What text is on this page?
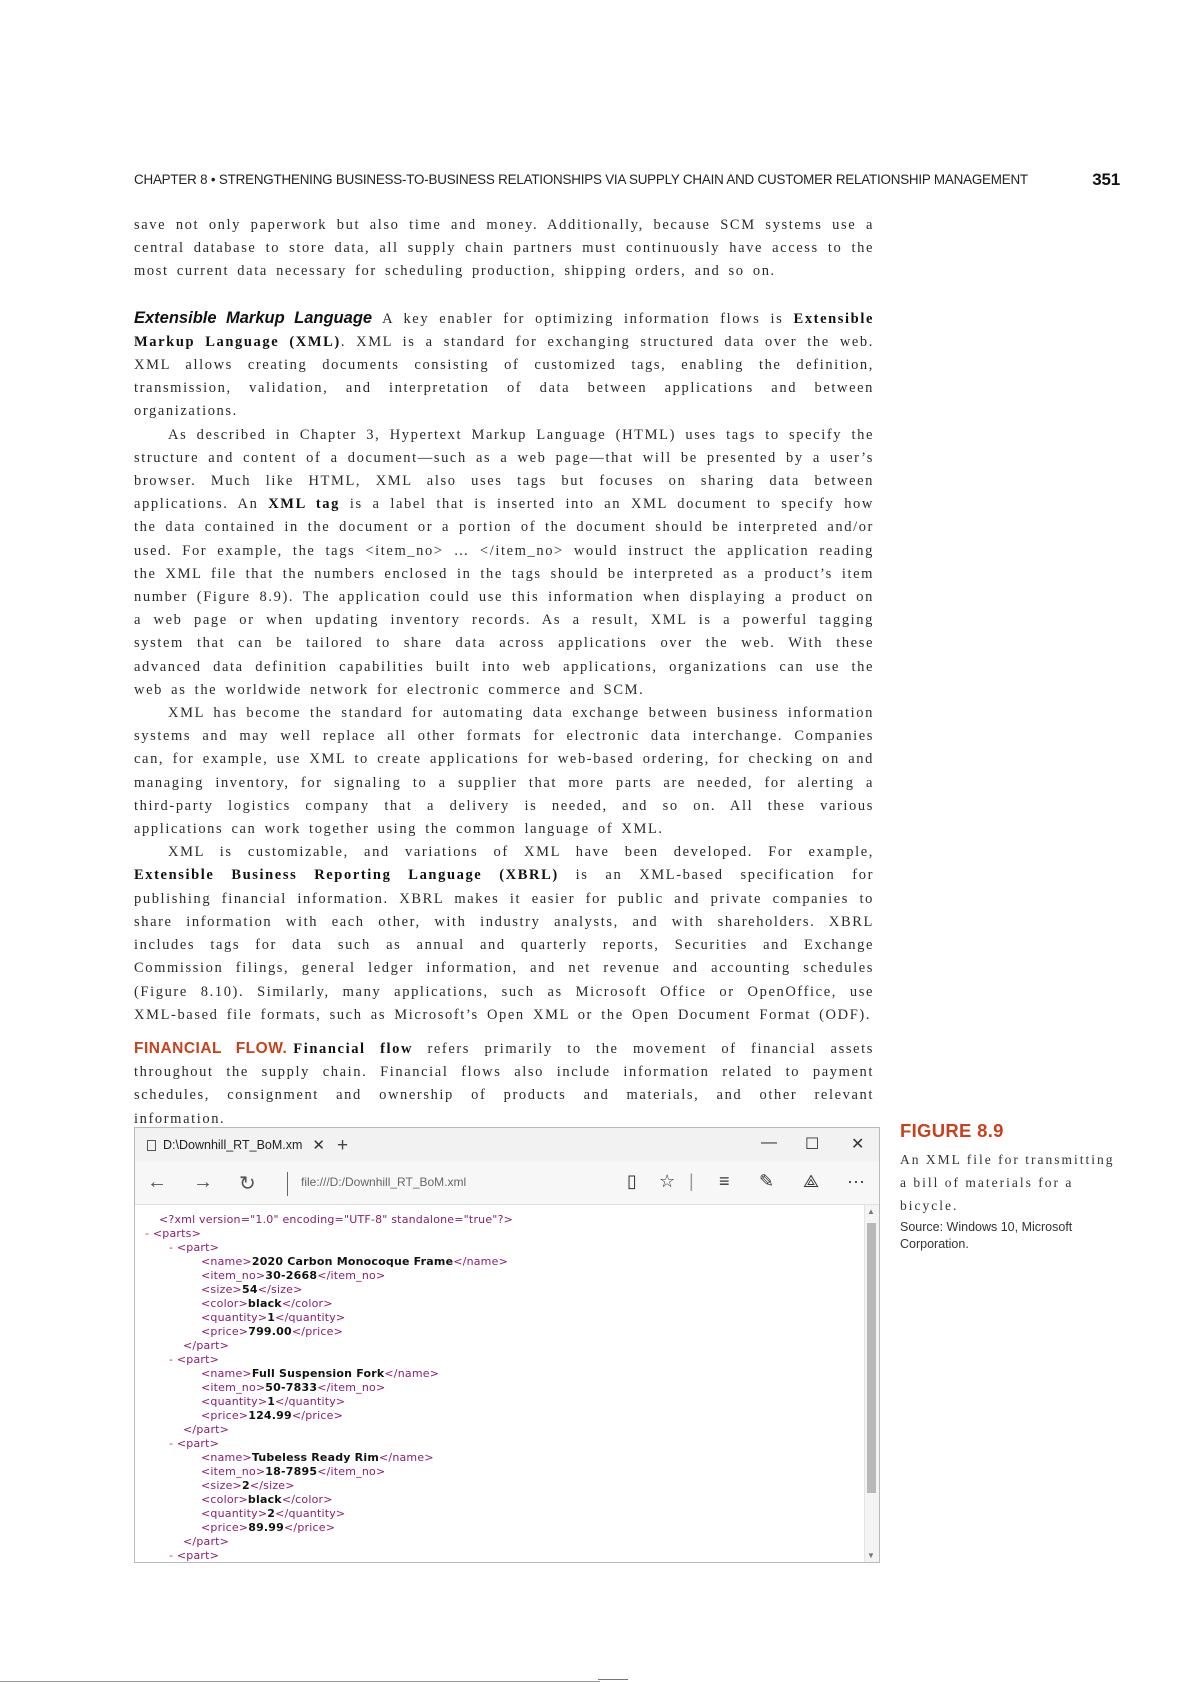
CHAPTER 8 • STRENGTHENING BUSINESS-TO-BUSINESS RELATIONSHIPS VIA SUPPLY CHAIN AND CUSTOMER RELATIONSHIP MANAGEMENT	351

save not only paperwork but also time and money. Additionally, because SCM systems use a central database to store data, all supply chain partners must continuously have access to the most current data necessary for scheduling production, shipping orders, and so on.

Extensible Markup Language A key enabler for optimizing information flows is Extensible Markup Language (XML). XML is a standard for exchanging structured data over the web. XML allows creating documents consisting of customized tags, enabling the definition, transmission, validation, and interpretation of data between applications and between organizations.

As described in Chapter 3, Hypertext Markup Language (HTML) uses tags to specify the structure and content of a document—such as a web page—that will be presented by a user’s browser. Much like HTML, XML also uses tags but focuses on sharing data between applications. An XML tag is a label that is inserted into an XML document to specify how the data contained in the document or a portion of the document should be interpreted and/or used. For example, the tags <item_no> … </item_no> would instruct the application reading the XML file that the numbers enclosed in the tags should be interpreted as a product’s item number (Figure 8.9). The application could use this information when displaying a product on a web page or when updating inventory records. As a result, XML is a powerful tagging system that can be tailored to share data across applications over the web. With these advanced data definition capabilities built into web applications, organizations can use the web as the worldwide network for electronic commerce and SCM.

XML has become the standard for automating data exchange between business information systems and may well replace all other formats for electronic data interchange. Companies can, for example, use XML to create applications for web-based ordering, for checking on and managing inventory, for signaling to a supplier that more parts are needed, for alerting a third-party logistics company that a delivery is needed, and so on. All these various applications can work together using the common language of XML.

XML is customizable, and variations of XML have been developed. For example, Extensible Business Reporting Language (XBRL) is an XML-based specification for publishing financial information. XBRL makes it easier for public and private companies to share information with each other, with industry analysts, and with shareholders. XBRL includes tags for data such as annual and quarterly reports, Securities and Exchange Commission filings, general ledger information, and net revenue and accounting schedules (Figure 8.10). Similarly, many applications, such as Microsoft Office or OpenOffice, use XML-based file formats, such as Microsoft’s Open XML or the Open Document Format (ODF).

FINANCIAL FLOW. Financial flow refers primarily to the movement of financial assets throughout the supply chain. Financial flows also include information related to payment schedules, consignment and ownership of products and materials, and other relevant information.

D:\Downhill_RT_BoM.xm ✕ +	— ☐ ✕
← → ↻	file:///D:/Downhill_RT_BoM.xml	▯ ☆ | ≡ ✎ ⟁ ···
<?xml version="1.0" encoding="UTF-8" standalone="true"?>
- <parts>
- <part>
<name>2020 Carbon Monocoque Frame</name>
<item_no>30-2668</item_no>
<size>54</size>
<color>black</color>
<quantity>1</quantity>
<price>799.00</price>
</part>
- <part>
<name>Full Suspension Fork</name>
<item_no>50-7833</item_no>
<quantity>1</quantity>
<price>124.99</price>
</part>
- <part>
<name>Tubeless Ready Rim</name>
<item_no>18-7895</item_no>
<size>2</size>
<color>black</color>
<quantity>2</quantity>
<price>89.99</price>
</part>
- <part>
▲
▼
FIGURE 8.9
An XML file for transmitting a bill of materials for a bicycle.
Source: Windows 10, Microsoft Corporation.
